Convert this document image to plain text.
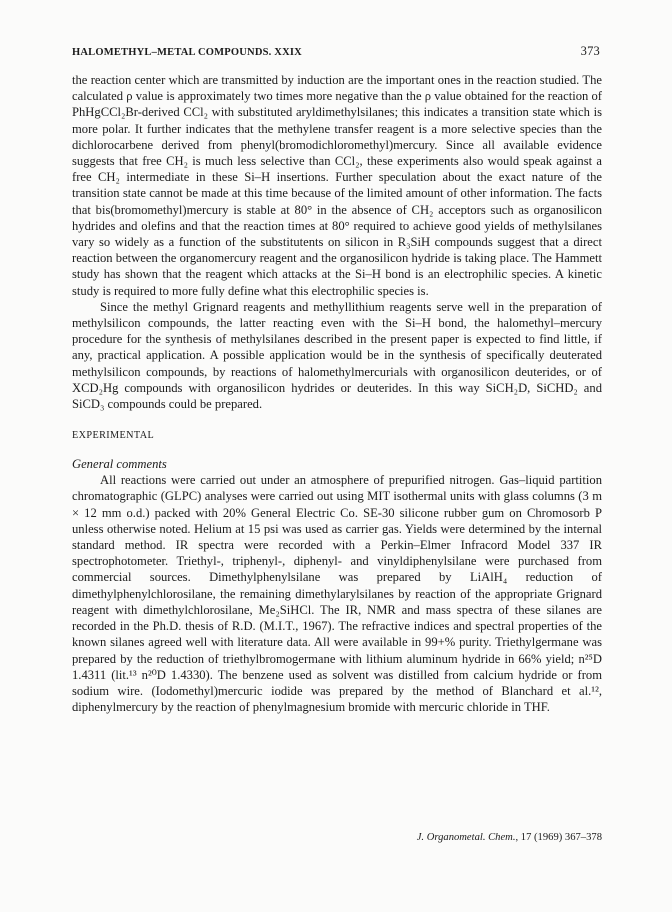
HALOMETHYL–METAL COMPOUNDS. XXIX	373

the reaction center which are transmitted by induction are the important ones in the reaction studied. The calculated ρ value is approximately two times more negative than the ρ value obtained for the reaction of PhHgCCl₂Br-derived CCl₂ with substituted aryldimethylsilanes; this indicates a transition state which is more polar. It further indicates that the methylene transfer reagent is a more selective species than the dichlorocarbene derived from phenyl(bromodichloromethyl)mercury. Since all available evidence suggests that free CH₂ is much less selective than CCl₂, these experiments also would speak against a free CH₂ intermediate in these Si–H insertions. Further speculation about the exact nature of the transition state cannot be made at this time because of the limited amount of other information. The facts that bis(bromomethyl)mercury is stable at 80° in the absence of CH₂ acceptors such as organosilicon hydrides and olefins and that the reaction times at 80° required to achieve good yields of methylsilanes vary so widely as a function of the substitutents on silicon in R₃SiH compounds suggest that a direct reaction between the organomercury reagent and the organosilicon hydride is taking place. The Hammett study has shown that the reagent which attacks at the Si–H bond is an electrophilic species. A kinetic study is required to more fully define what this electrophilic species is.

Since the methyl Grignard reagents and methyllithium reagents serve well in the preparation of methylsilicon compounds, the latter reacting even with the Si–H bond, the halomethyl–mercury procedure for the synthesis of methylsilanes described in the present paper is expected to find little, if any, practical application. A possible application would be in the synthesis of specifically deuterated methylsilicon compounds, by reactions of halomethylmercurials with organosilicon deuterides, or of XCD₂Hg compounds with organosilicon hydrides or deuterides. In this way SiCH₂D, SiCHD₂ and SiCD₃ compounds could be prepared.

EXPERIMENTAL
General comments

All reactions were carried out under an atmosphere of prepurified nitrogen. Gas–liquid partition chromatographic (GLPC) analyses were carried out using MIT isothermal units with glass columns (3 m × 12 mm o.d.) packed with 20% General Electric Co. SE-30 silicone rubber gum on Chromosorb P unless otherwise noted. Helium at 15 psi was used as carrier gas. Yields were determined by the internal standard method. IR spectra were recorded with a Perkin–Elmer Infracord Model 337 IR spectrophotometer. Triethyl-, triphenyl-, diphenyl- and vinyldiphenylsilane were purchased from commercial sources. Dimethylphenylsilane was prepared by LiAlH₄ reduction of dimethylphenylchlorosilane, the remaining dimethylarylsilanes by reaction of the appropriate Grignard reagent with dimethylchlorosilane, Me₂SiHCl. The IR, NMR and mass spectra of these silanes are recorded in the Ph.D. thesis of R.D. (M.I.T., 1967). The refractive indices and spectral properties of the known silanes agreed well with literature data. All were available in 99+% purity. Triethylgermane was prepared by the reduction of triethylbromogermane with lithium aluminum hydride in 66% yield; n²⁵D 1.4311 (lit.¹³ n²⁰D 1.4330). The benzene used as solvent was distilled from calcium hydride or from sodium wire. (Iodomethyl)mercuric iodide was prepared by the method of Blanchard et al.¹², diphenylmercury by the reaction of phenylmagnesium bromide with mercuric chloride in THF.

J. Organometal. Chem., 17 (1969) 367–378
